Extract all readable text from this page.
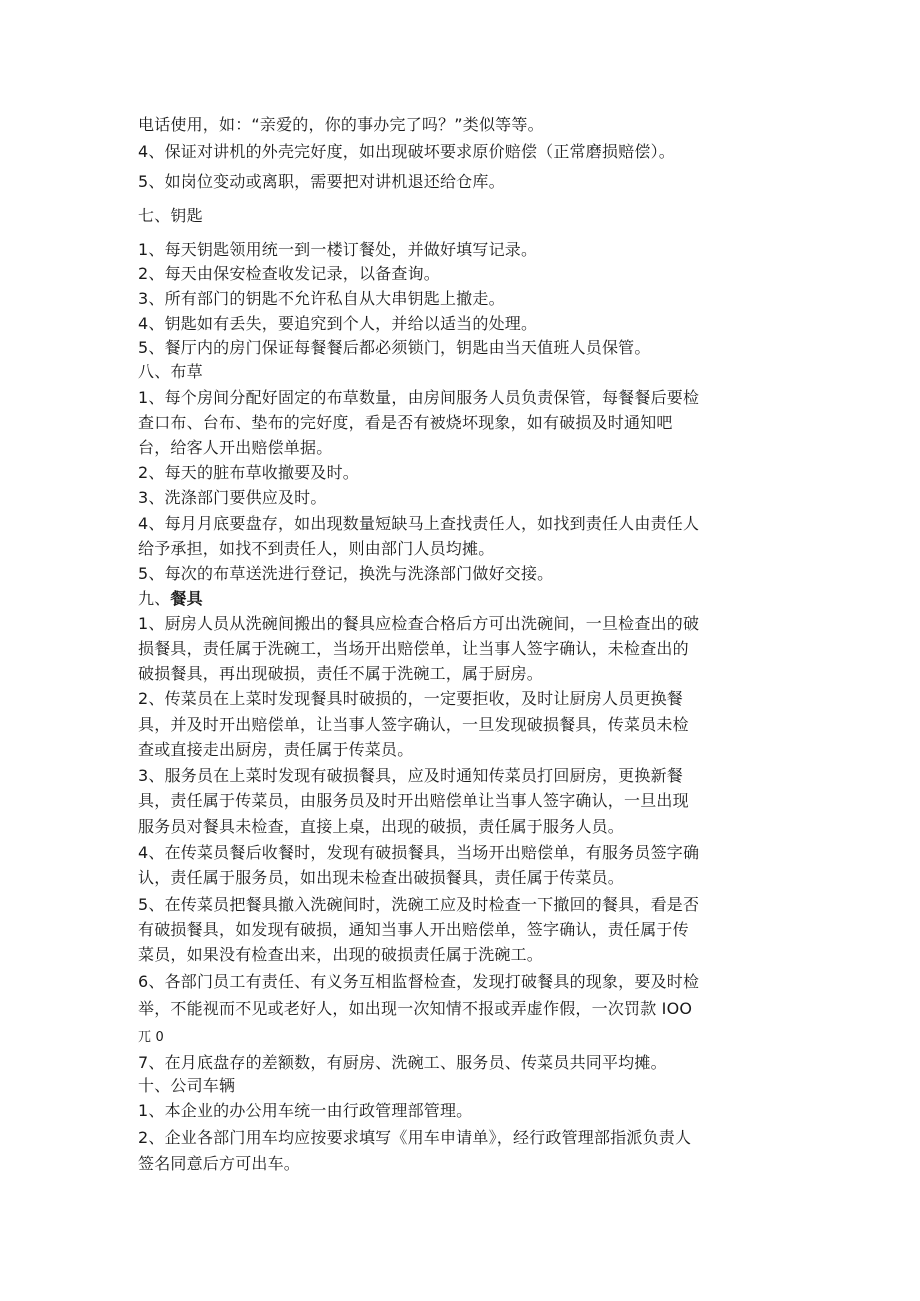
电话使用，如：“亲爱的，你的事办完了吗？”类似等等。
4、保证对讲机的外壳完好度，如出现破坏要求原价赔偿（正常磨损赔偿）。
5、如岗位变动或离职，需要把对讲机退还给仓库。
七、钥匙
1、每天钥匙领用统一到一楼订餐处，并做好填写记录。
2、每天由保安检查收发记录，以备查询。
3、所有部门的钥匙不允许私自从大串钥匙上撤走。
4、钥匙如有丢失，要追究到个人，并给以适当的处理。
5、餐厅内的房门保证每餐餐后都必须锁门，钥匙由当天值班人员保管。
八、布草
1、每个房间分配好固定的布草数量，由房间服务人员负责保管，每餐餐后要检
查口布、台布、垫布的完好度，看是否有被烧坏现象，如有破损及时通知吧
台，给客人开出赔偿单据。
2、每天的脏布草收撤要及时。
3、洗涤部门要供应及时。
4、每月月底要盘存，如出现数量短缺马上查找责任人，如找到责任人由责任人
给予承担，如找不到责任人，则由部门人员均摊。
5、每次的布草送洗进行登记，换洗与洗涤部门做好交接。
九、餐具
1、厨房人员从洗碗间搬出的餐具应检查合格后方可出洗碗间，一旦检查出的破
损餐具，责任属于洗碗工，当场开出赔偿单，让当事人签字确认，未检查出的
破损餐具，再出现破损，责任不属于洗碗工，属于厨房。
2、传菜员在上菜时发现餐具时破损的，一定要拒收，及时让厨房人员更换餐
具，并及时开出赔偿单，让当事人签字确认，一旦发现破损餐具，传菜员未检
查或直接走出厨房，责任属于传菜员。
3、服务员在上菜时发现有破损餐具，应及时通知传菜员打回厨房，更换新餐
具，责任属于传菜员，由服务员及时开出赔偿单让当事人签字确认，一旦出现
服务员对餐具未检查，直接上桌，出现的破损，责任属于服务人员。
4、在传菜员餐后收餐时，发现有破损餐具，当场开出赔偿单，有服务员签字确
认，责任属于服务员，如出现未检查出破损餐具，责任属于传菜员。
5、在传菜员把餐具撤入洗碗间时，洗碗工应及时检查一下撤回的餐具，看是否
有破损餐具，如发现有破损，通知当事人开出赔偿单，签字确认，责任属于传
菜员，如果没有检查出来，出现的破损责任属于洗碗工。
6、各部门员工有责任、有义务互相监督检查，发现打破餐具的现象，要及时检
举，不能视而不见或老好人，如出现一次知情不报或弄虚作假，一次罚款 IOO
兀 0
7、在月底盘存的差额数，有厨房、洗碗工、服务员、传菜员共同平均摊。
十、公司车辆
1、本企业的办公用车统一由行政管理部管理。
2、企业各部门用车均应按要求填写《用车申请单》，经行政管理部指派负责人
签名同意后方可出车。
